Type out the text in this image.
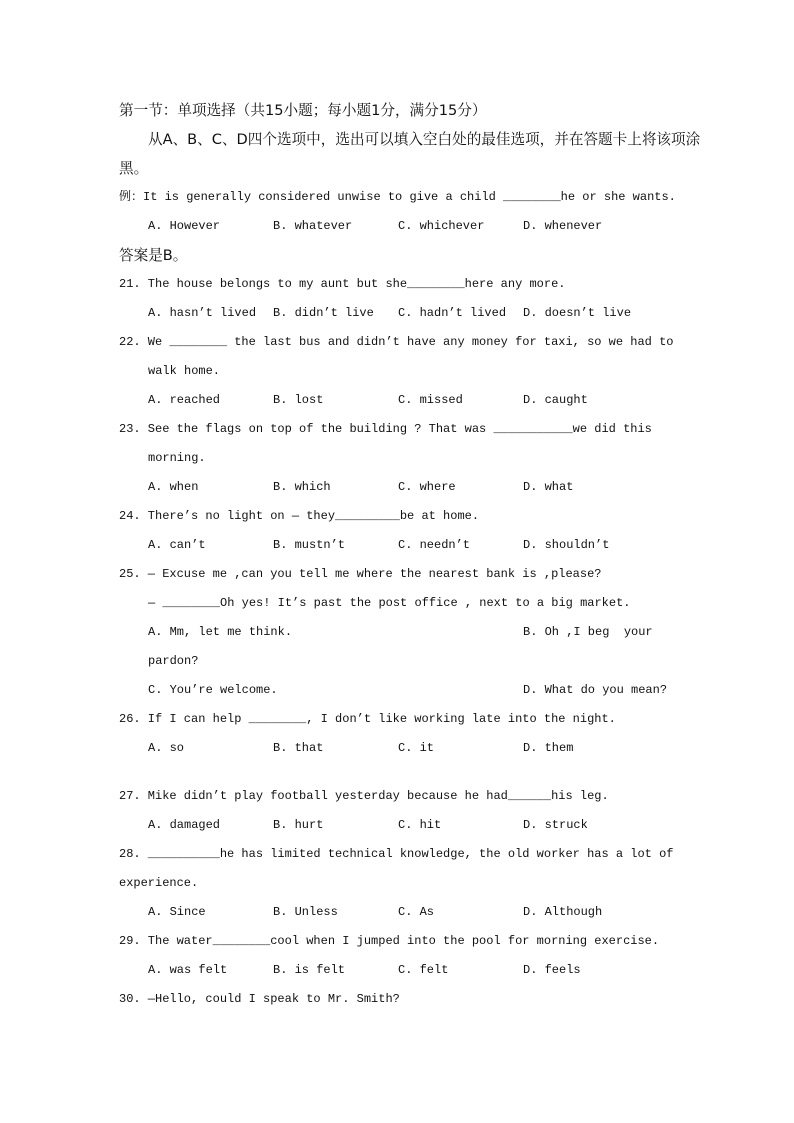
第一节：单项选择（共15小题；每小题1分，满分15分）
从A、B、C、D四个选项中，选出可以填入空白处的最佳选项，并在答题卡上将该项涂
黑。
例：It is generally considered unwise to give a child ________he or she wants.
A. However	B. whatever	C. whichever	D. whenever
答案是B。
21. The house belongs to my aunt but she________here any more.
A. hasn’t lived	B. didn’t live	C. hadn’t lived	D. doesn’t live
22. We ________ the last bus and didn’t have any money for taxi, so we had to
walk home.
A. reached	B. lost	C. missed	D. caught
23. See the flags on top of the building ? That was ___________we did this
morning.
A. when	B. which	C. where	D. what
24. There’s no light on — they_________be at home.
A. can’t	B. mustn’t	C. needn’t	D. shouldn’t
25. — Excuse me ,can you tell me where the nearest bank is ,please?
— ________Oh yes! It’s past the post office , next to a big market.
A. Mm, let me think.	B. Oh ,I beg  your
pardon?
C. You’re welcome.	D. What do you mean?
26. If I can help ________, I don’t like working late into the night.
A. so	B. that	C. it	D. them
27. Mike didn’t play football yesterday because he had______his leg.
A. damaged	B. hurt	C. hit	D. struck
28. __________he has limited technical knowledge, the old worker has a lot of
experience.
A. Since	B. Unless	C. As	D. Although
29. The water________cool when I jumped into the pool for morning exercise.
A. was felt	B. is felt	C. felt	D. feels
30. —Hello, could I speak to Mr. Smith?
